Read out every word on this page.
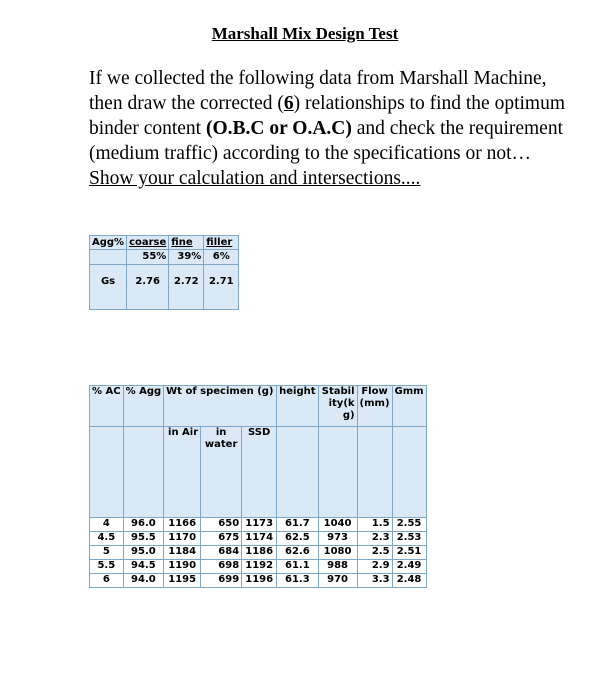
Marshall Mix Design Test
If we collected the following data from Marshall Machine, then draw the corrected (6) relationships to find the optimum binder content (O.B.C or O.A.C) and check the requirement (medium traffic) according to the specifications or not…
Show your calculation and intersections....
Agg%	coarse	fine	filler
	55%	39%	6%
Gs	2.76	2.72	2.71
% AC	% Agg	Wt of specimen (g)			height	Stability(kg)	Flow (mm)	Gmm
		in Air	in water	SSD				
4	96.0	1166	650	1173	61.7	1040	1.5	2.55
4.5	95.5	1170	675	1174	62.5	973	2.3	2.53
5	95.0	1184	684	1186	62.6	1080	2.5	2.51
5.5	94.5	1190	698	1192	61.1	988	2.9	2.49
6	94.0	1195	699	1196	61.3	970	3.3	2.48
